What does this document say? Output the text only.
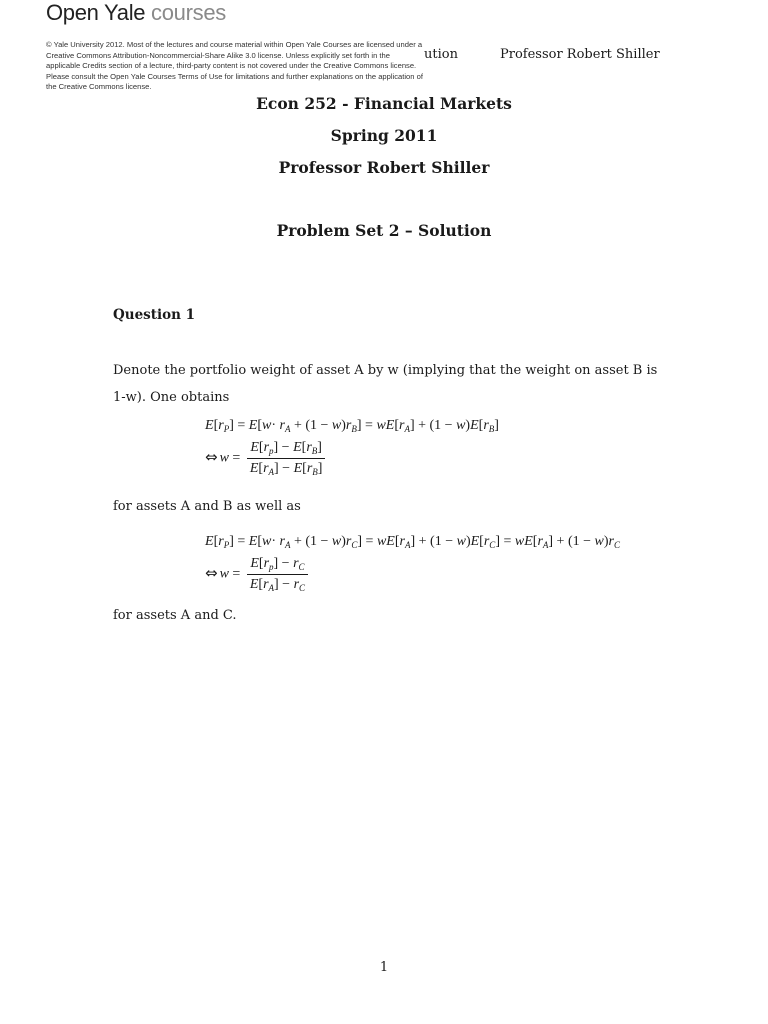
Open Yale courses
ution	Professor Robert Shiller
© Yale University 2012. Most of the lectures and course material within Open Yale Courses are licensed under a Creative Commons Attribution-Noncommercial-Share Alike 3.0 license. Unless explicitly set forth in the applicable Credits section of a lecture, third-party content is not covered under the Creative Commons license. Please consult the Open Yale Courses Terms of Use for limitations and further explanations on the application of the Creative Commons license.
Econ 252 - Financial Markets
Spring 2011
Professor Robert Shiller
Problem Set 2 – Solution
Question 1
Denote the portfolio weight of asset A by w (implying that the weight on asset B is 1-w). One obtains
$E[r_P] = E[w\cdot r_A + (1 - w)r_B] = wE[r_A] + (1 - w)E[r_B]$
⇔ $w = \frac{E[r_p] - E[r_B]}{E[r_A] - E[r_B]}$
for assets A and B as well as
$E[r_P] = E[w\cdot r_A + (1 - w)r_C] = wE[r_A] + (1 - w)E[r_C] = wE[r_A] + (1 - w)r_C$
⇔ $w = \frac{E[r_p] - r_C}{E[r_A] - r_C}$
for assets A and C.
1
